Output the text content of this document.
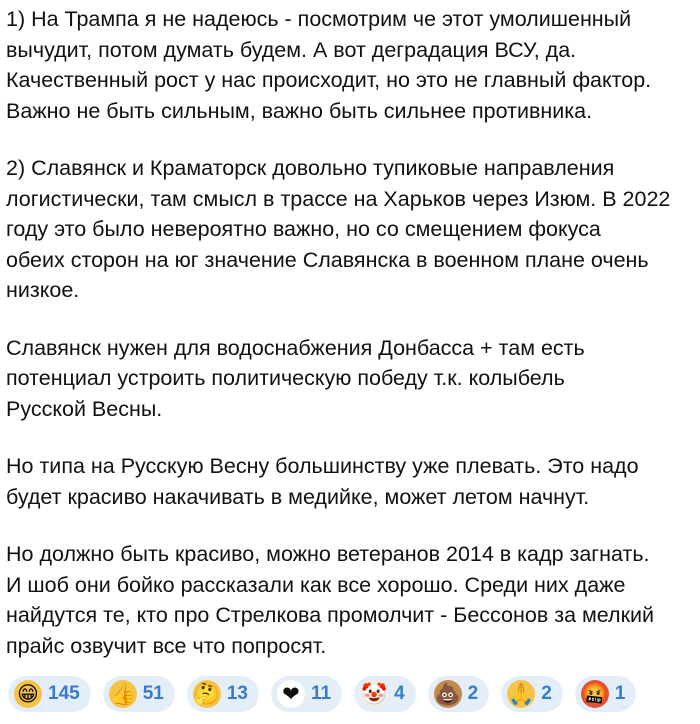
1) На Трампа я не надеюсь - посмотрим че этот умолишенный
вычудит, потом думать будем. А вот деградация ВСУ, да.
Качественный рост у нас происходит, но это не главный фактор.
Важно не быть сильным, важно быть сильнее противника.
2) Славянск и Краматорск довольно тупиковые направления
логистически, там смысл в трассе на Харьков через Изюм. В 2022
году это было невероятно важно, но со смещением фокуса
обеих сторон на юг значение Славянска в военном плане очень
низкое.
Славянск нужен для водоснабжения Донбасса + там есть
потенциал устроить политическую победу т.к. колыбель
Русской Весны.
Но типа на Русскую Весну большинству уже плевать. Это надо
будет красиво накачивать в медийке, может летом начнут.
Но должно быть красиво, можно ветеранов 2014 в кадр загнать.
И шоб они бойко рассказали как все хорошо. Среди них даже
найдутся те, кто про Стрелкова промолчит - Бессонов за мелкий
прайс озвучит все что попросят.
😁 145 👍 51 🤔 13 ❤ 11 🤡 4 💩 2 🙏 2 🤬 1
